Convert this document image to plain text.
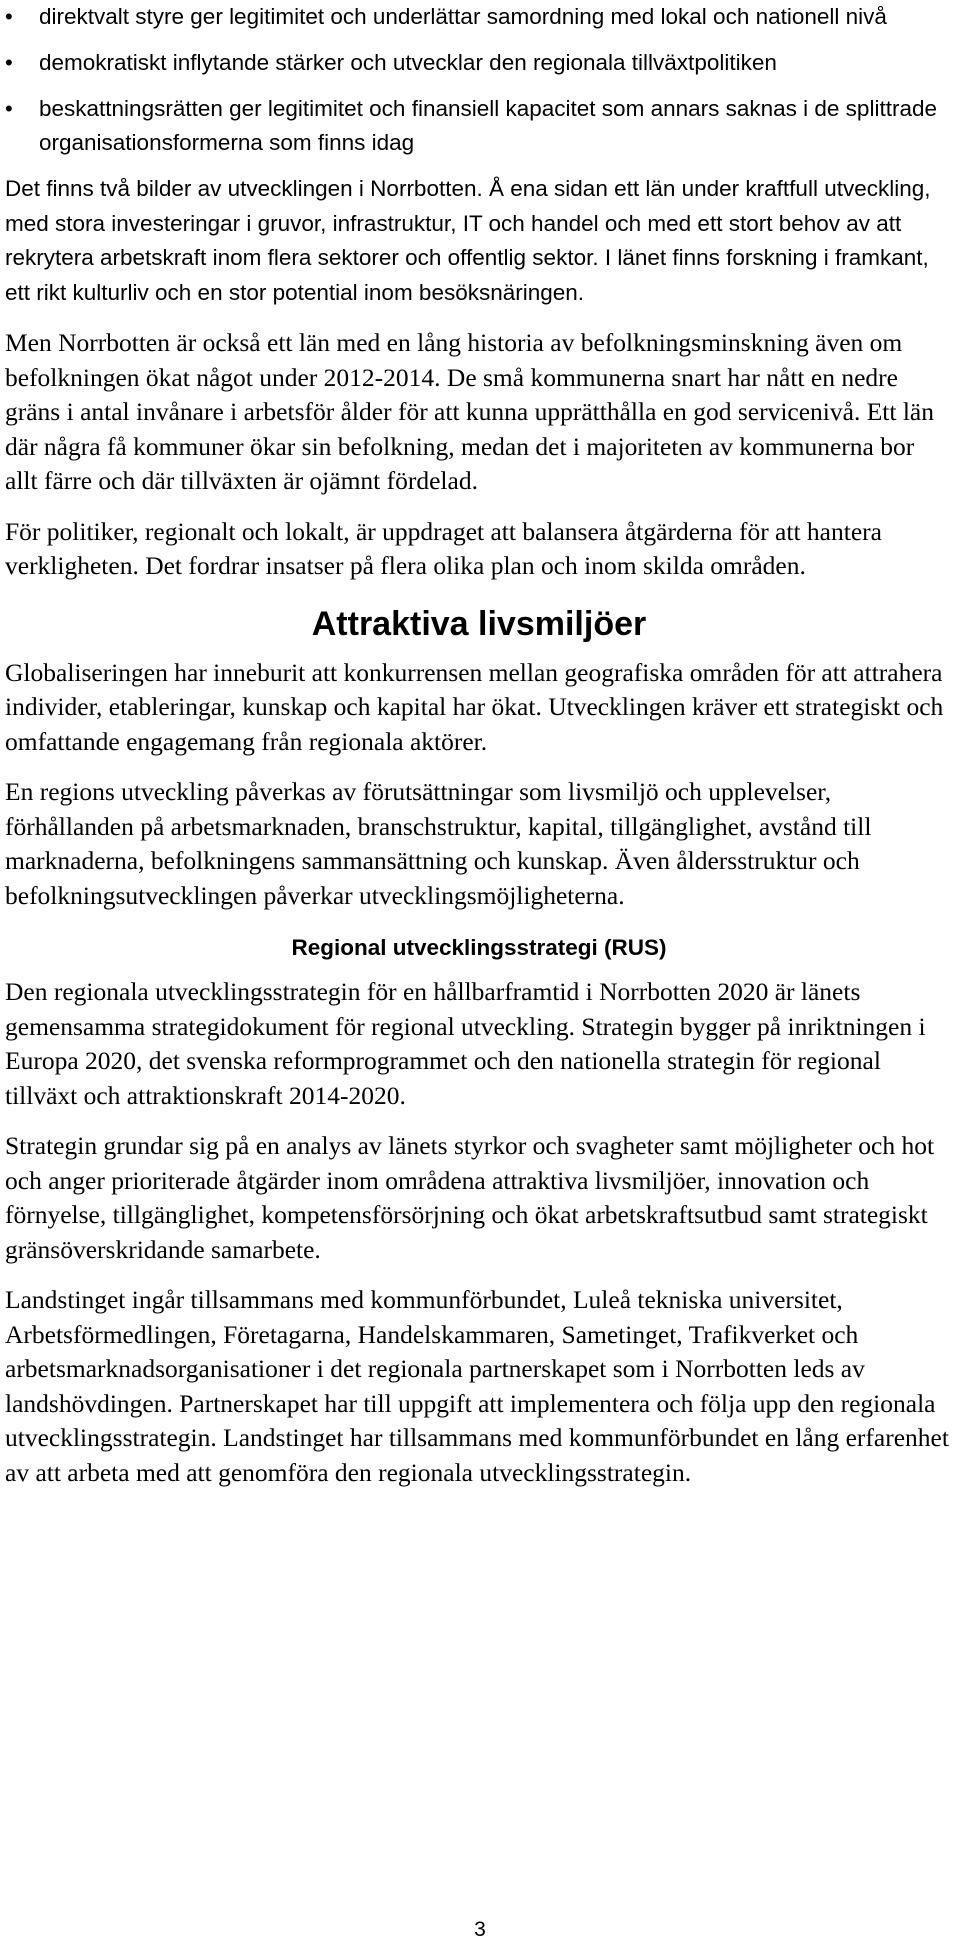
•	direktvalt styre ger legitimitet och underlättar samordning med lokal och nationell nivå
•	demokratiskt inflytande stärker och utvecklar den regionala tillväxtpolitiken
•	beskattningsrätten ger legitimitet och finansiell kapacitet som annars saknas i de splittrade organisationsformerna som finns idag

Det finns två bilder av utvecklingen i Norrbotten. Å ena sidan ett län under kraftfull utveckling, med stora investeringar i gruvor, infrastruktur, IT och handel och med ett stort behov av att rekrytera arbetskraft inom flera sektorer och offentlig sektor. I länet finns forskning i framkant, ett rikt kulturliv och en stor potential inom besöksnäringen.

Men Norrbotten är också ett län med en lång historia av befolkningsminskning även om befolkningen ökat något under 2012-2014. De små kommunerna snart har nått en nedre gräns i antal invånare i arbetsför ålder för att kunna upprätthålla en god servicenivå. Ett län där några få kommuner ökar sin befolkning, medan det i majoriteten av kommunerna bor allt färre och där tillväxten är ojämnt fördelad.

För politiker, regionalt och lokalt, är uppdraget att balansera åtgärderna för att hantera verkligheten. Det fordrar insatser på flera olika plan och inom skilda områden.

Attraktiva livsmiljöer

Globaliseringen har inneburit att konkurrensen mellan geografiska områden för att attrahera individer, etableringar, kunskap och kapital har ökat. Utvecklingen kräver ett strategiskt och omfattande engagemang från regionala aktörer.

En regions utveckling påverkas av förutsättningar som livsmiljö och upplevelser, förhållanden på arbetsmarknaden, branschstruktur, kapital, tillgänglighet, avstånd till marknaderna, befolkningens sammansättning och kunskap. Även åldersstruktur och befolkningsutvecklingen påverkar utvecklingsmöjligheterna.

Regional utvecklingsstrategi (RUS)

Den regionala utvecklingsstrategin för en hållbarframtid i Norrbotten 2020 är länets gemensamma strategidokument för regional utveckling. Strategin bygger på inriktningen i Europa 2020, det svenska reformprogrammet och den nationella strategin för regional tillväxt och attraktionskraft 2014-2020.

Strategin grundar sig på en analys av länets styrkor och svagheter samt möjligheter och hot och anger prioriterade åtgärder inom områdena attraktiva livsmiljöer, innovation och förnyelse, tillgänglighet, kompetensförsörjning och ökat arbetskraftsutbud samt strategiskt gränsöverskridande samarbete.

Landstinget ingår tillsammans med kommunförbundet, Luleå tekniska universitet, Arbetsförmedlingen, Företagarna, Handelskammaren, Sametinget, Trafikverket och arbetsmarknadsorganisationer i det regionala partnerskapet som i Norrbotten leds av landshövdingen. Partnerskapet har till uppgift att implementera och följa upp den regionala utvecklingsstrategin. Landstinget har tillsammans med kommunförbundet en lång erfarenhet av att arbeta med att genomföra den regionala utvecklingsstrategin.

3
